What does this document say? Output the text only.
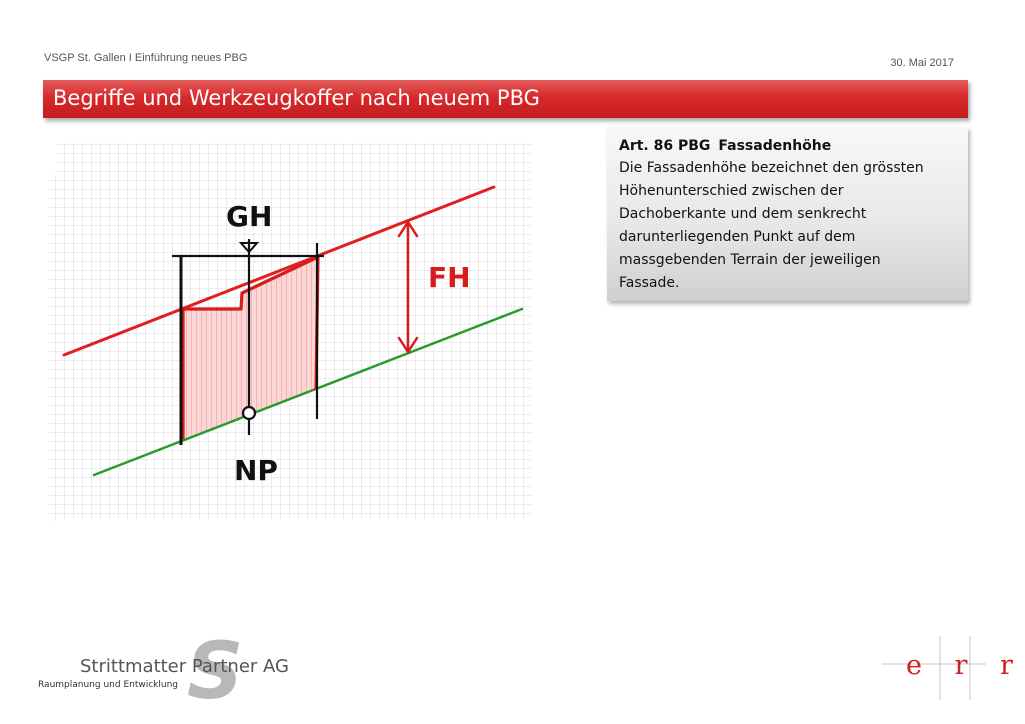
VSGP St. Gallen I Einführung neues PBG	30. Mai 2017
Begriffe und Werkzeugkoffer nach neuem PBG
GH
FH
NP
Art. 86 PBG Fassadenhöhe
Die Fassadenhöhe bezeichnet den grössten
Höhenunterschied zwischen der
Dachoberkante und dem senkrecht
darunterliegenden Punkt auf dem
massgebenden Terrain der jeweiligen
Fassade.
S
Strittmatter Partner AG
Raumplanung und Entwicklung
e r r
